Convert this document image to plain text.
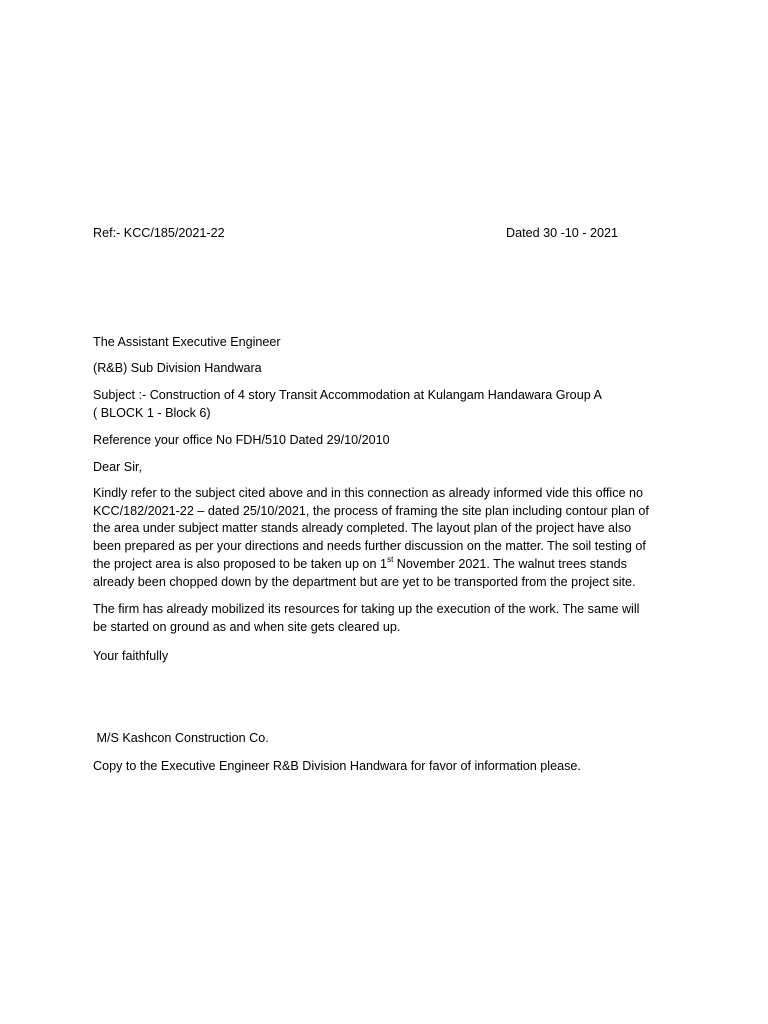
Ref:- KCC/185/2021-22	Dated 30 -10 - 2021
The Assistant Executive Engineer
(R&B) Sub Division Handwara
Subject :- Construction of 4 story Transit Accommodation at Kulangam Handawara Group A
( BLOCK 1 - Block 6)
Reference your office No FDH/510 Dated 29/10/2010
Dear Sir,

Kindly refer to the subject cited above and in this connection as already informed vide this office no

KCC/182/2021-22 – dated 25/10/2021, the process of framing the site plan including contour plan of

the area under subject matter stands already completed. The layout plan of the project have also

been prepared as per your directions and needs further discussion on the matter. The soil testing of

the project area is also proposed to be taken up on 1st November 2021. The walnut trees stands

already been chopped down by the department but are yet to be transported from the project site.

The firm has already mobilized its resources for taking up the execution of the work. The same will

be started on ground as and when site gets cleared up.

Your faithfully
M/S Kashcon Construction Co.
Copy to the Executive Engineer R&B Division Handwara for favor of information please.
